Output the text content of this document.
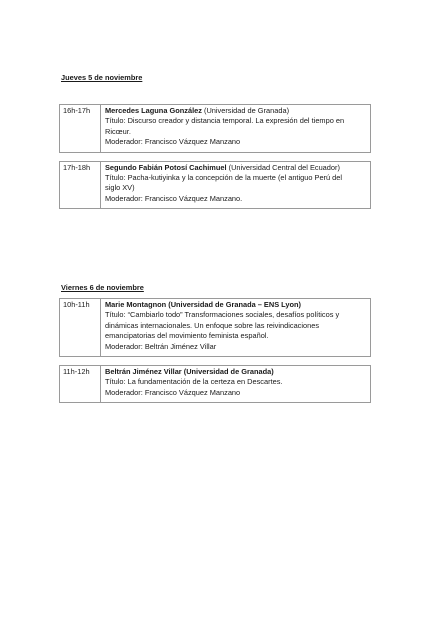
Jueves 5 de noviembre

16h-17h	Mercedes Laguna González (Universidad de Granada)
Título: Discurso creador y distancia temporal. La expresión del tiempo en
Ricœur.
Moderador: Francisco Vázquez Manzano

17h-18h	Segundo Fabián Potosí Cachimuel (Universidad Central del Ecuador)
Título: Pacha-kutiyinka y la concepción de la muerte (el antiguo Perú del
siglo XV)
Moderador: Francisco Vázquez Manzano.

Viernes 6 de noviembre

10h-11h	Marie Montagnon (Universidad de Granada – ENS Lyon)
Título: “Cambiarlo todo” Transformaciones sociales, desafíos políticos y
dinámicas internacionales. Un enfoque sobre las reivindicaciones
emancipatorias del movimiento feminista español.
Moderador: Beltrán Jiménez Villar

11h-12h	Beltrán Jiménez Villar (Universidad de Granada)
Título: La fundamentación de la certeza en Descartes.
Moderador: Francisco Vázquez Manzano
